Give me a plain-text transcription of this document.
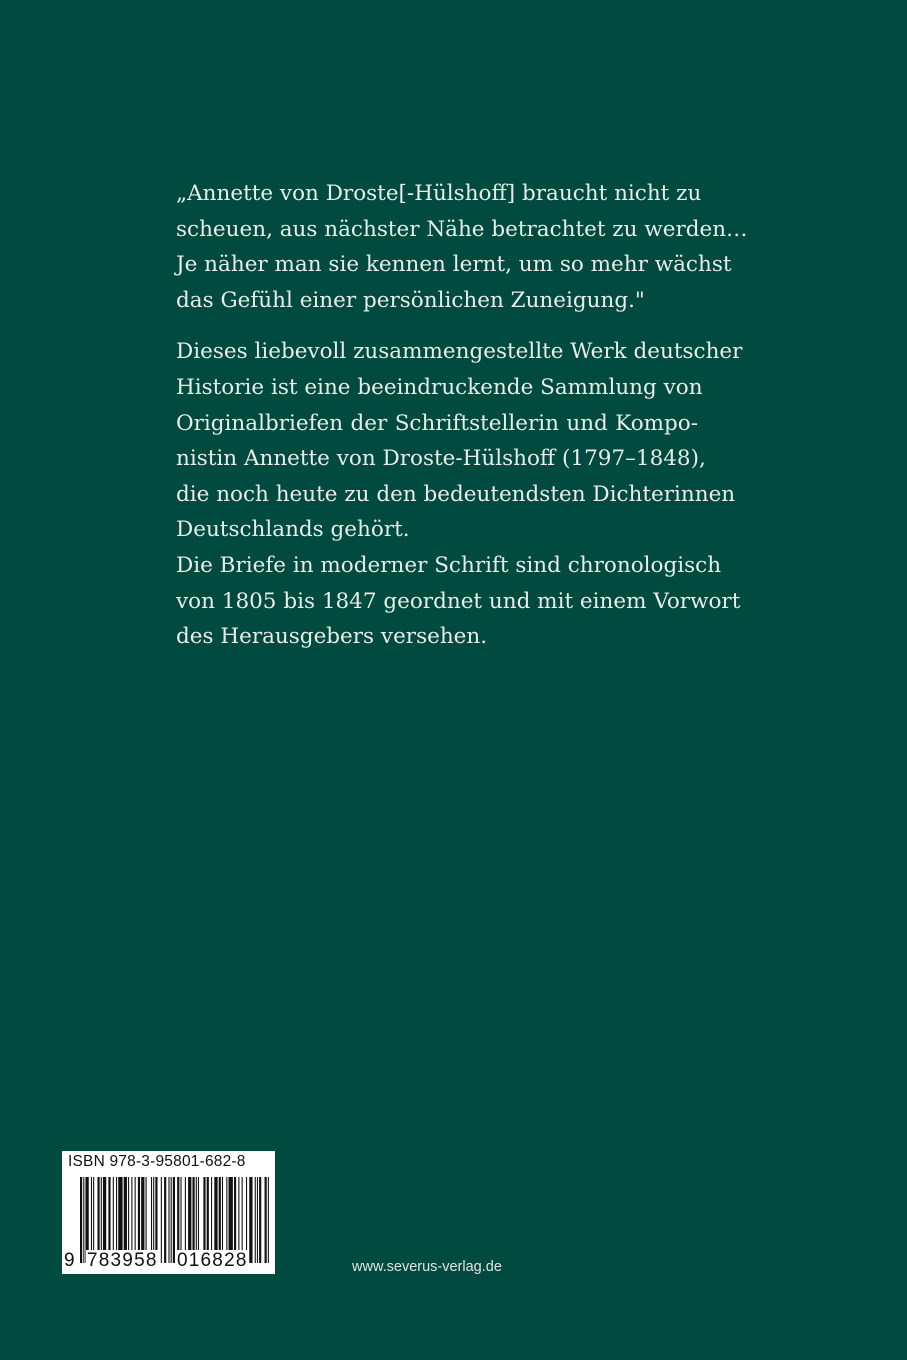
„Annette von Droste[-Hülshoff] braucht nicht zu
scheuen, aus nächster Nähe betrachtet zu werden…
Je näher man sie kennen lernt, um so mehr wächst
das Gefühl einer persönlichen Zuneigung."
Dieses liebevoll zusammengestellte Werk deutscher
Historie ist eine beeindruckende Sammlung von
Originalbriefen der Schriftstellerin und Kompo-
nistin Annette von Droste-Hülshoff (1797–1848),
die noch heute zu den bedeutendsten Dichterinnen
Deutschlands gehört.
Die Briefe in moderner Schrift sind chronologisch
von 1805 bis 1847 geordnet und mit einem Vorwort
des Herausgebers versehen.
ISBN 978-3-95801-682-8
9 783958 016828	www.severus-verlag.de
